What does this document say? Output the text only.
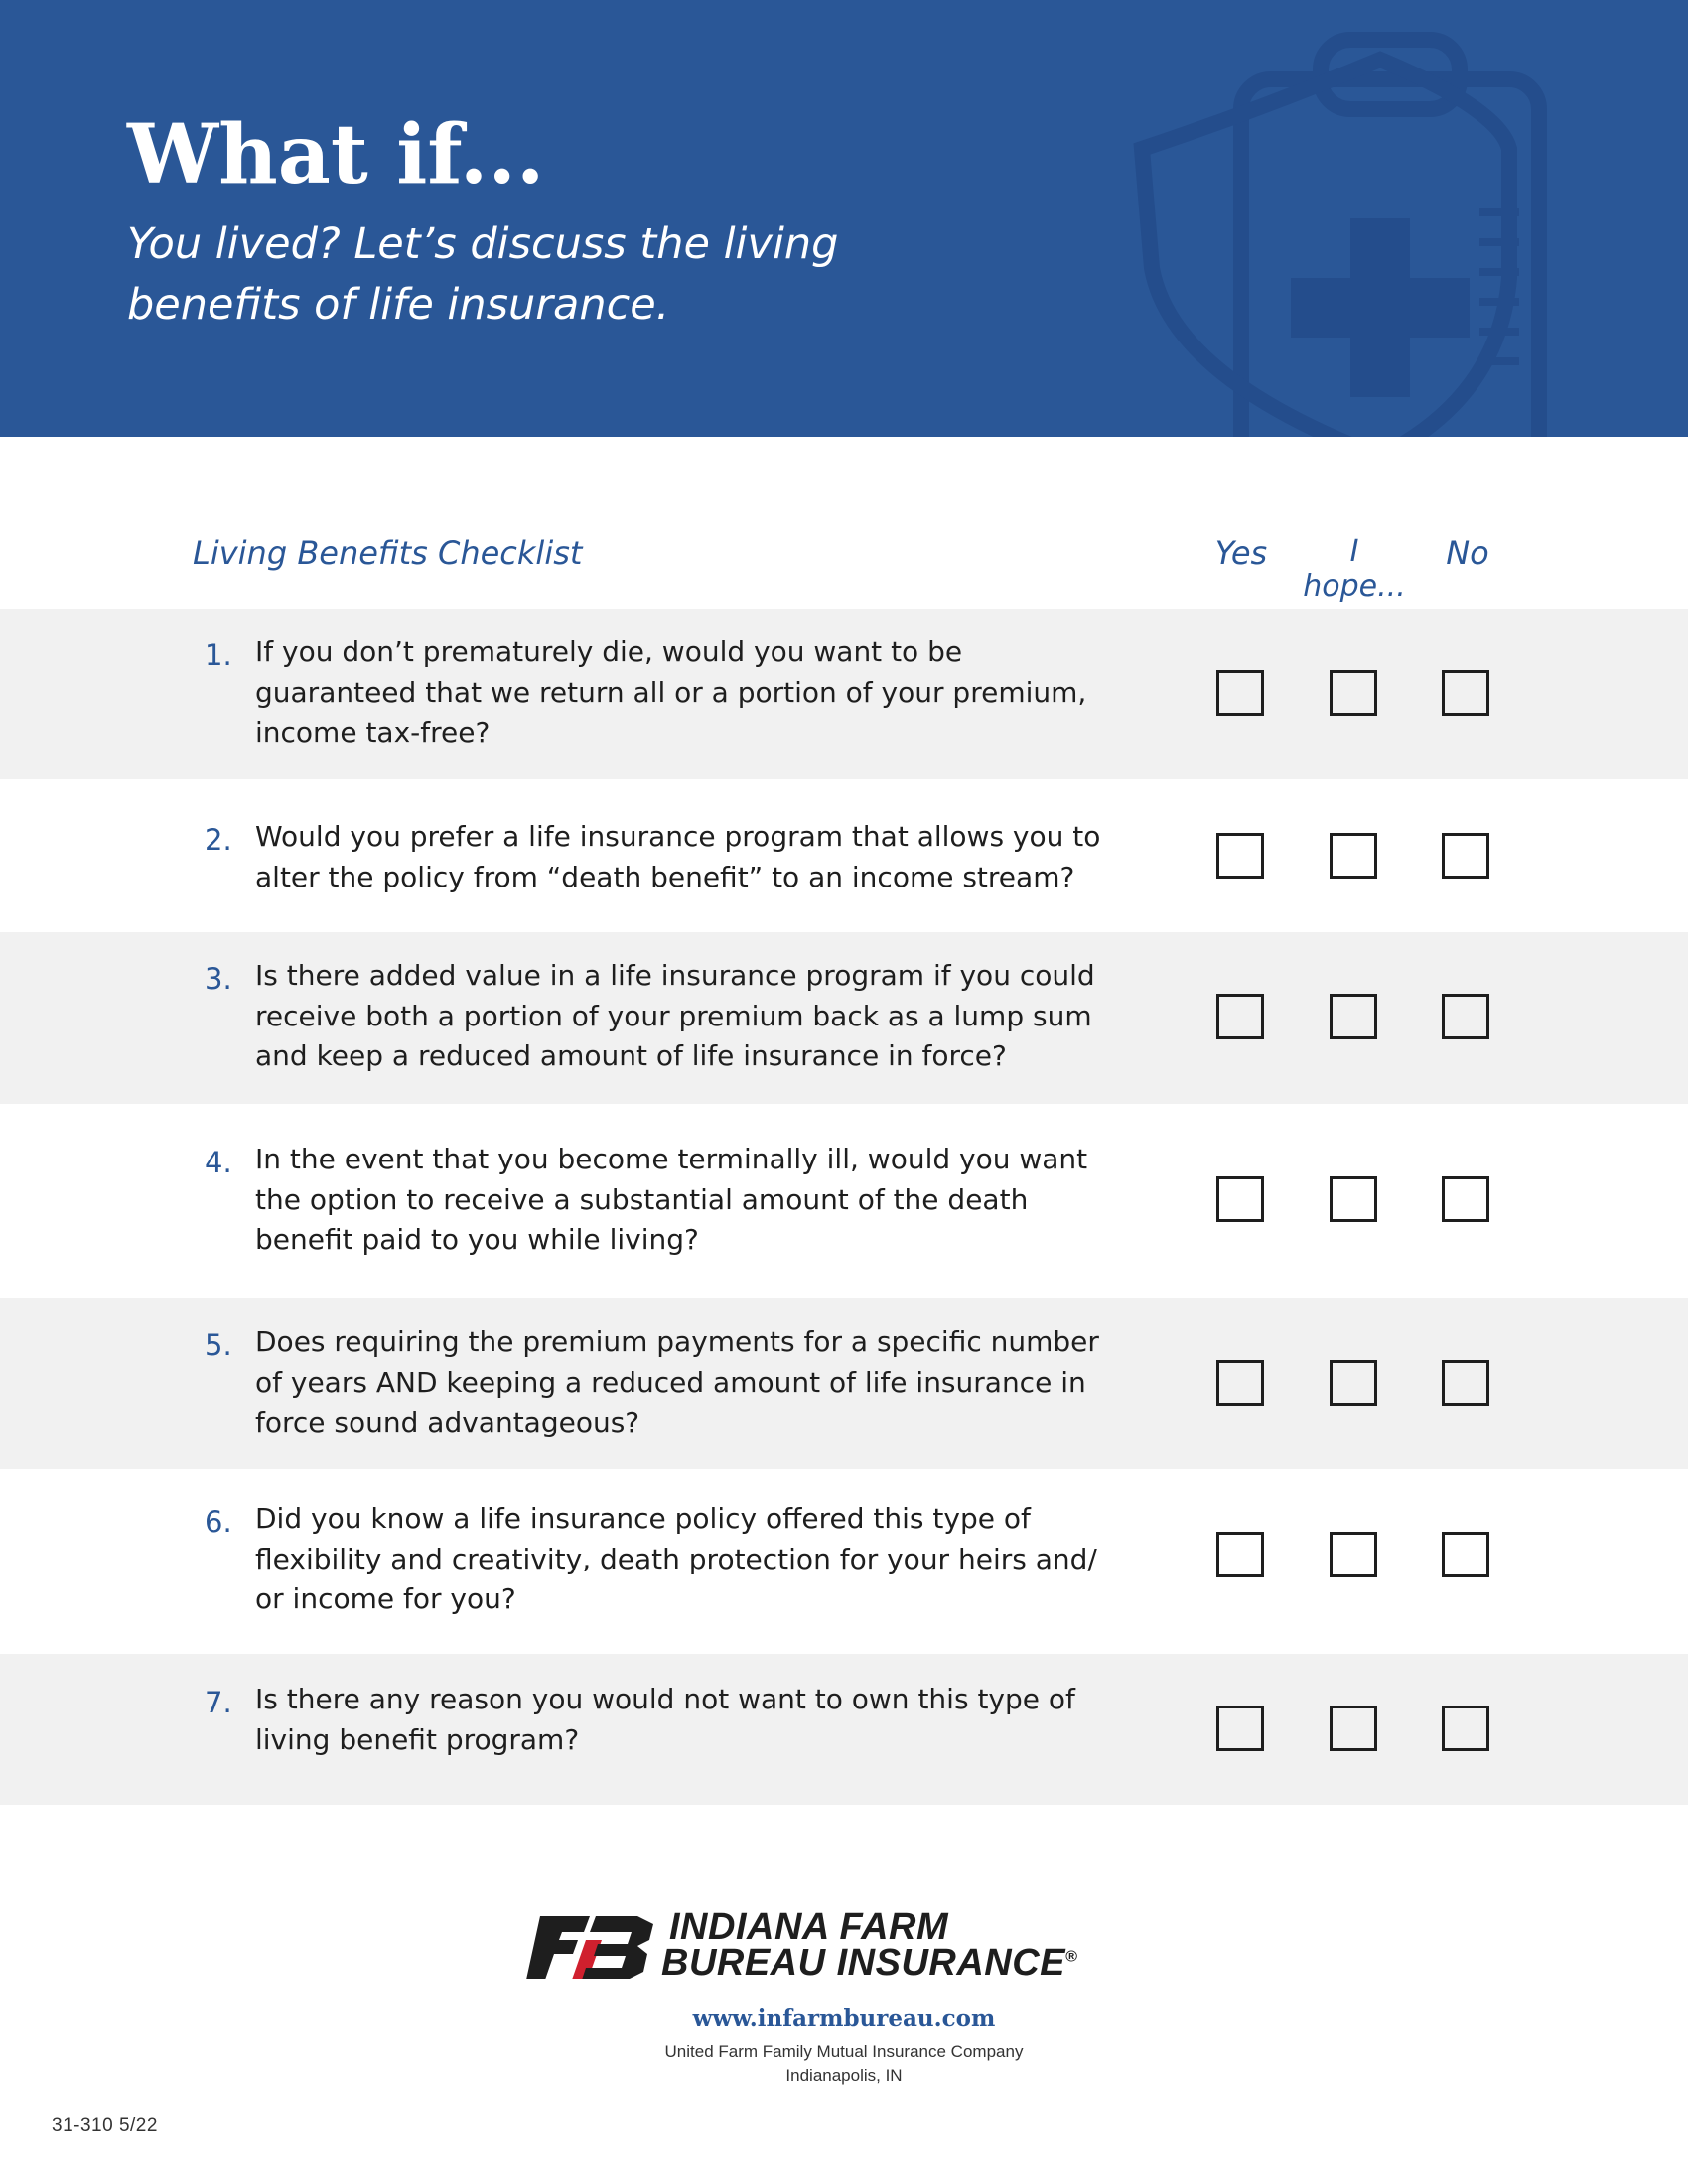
What if...

You lived? Let’s discuss the living benefits of life insurance.

Living Benefits Checklist	Yes	I hope...
No
1. If you don’t prematurely die, would you want to be guaranteed that we return all or a portion of your premium, income tax-free?

2. Would you prefer a life insurance program that allows you to alter the policy from “death benefit” to an income stream?

3. Is there added value in a life insurance program if you could receive both a portion of your premium back as a lump sum and keep a reduced amount of life insurance in force?

4. In the event that you become terminally ill, would you want the option to receive a substantial amount of the death benefit paid to you while living?

5. Does requiring the premium payments for a specific number of years AND keeping a reduced amount of life insurance in force sound advantageous?

6. Did you know a life insurance policy offered this type of flexibility and creativity, death protection for your heirs and/ or income for you?

7. Is there any reason you would not want to own this type of living benefit program?

INDIANA FARM
BUREAU INSURANCE®
www.infarmbureau.com
United Farm Family Mutual Insurance Company
Indianapolis, IN
31-310 5/22
